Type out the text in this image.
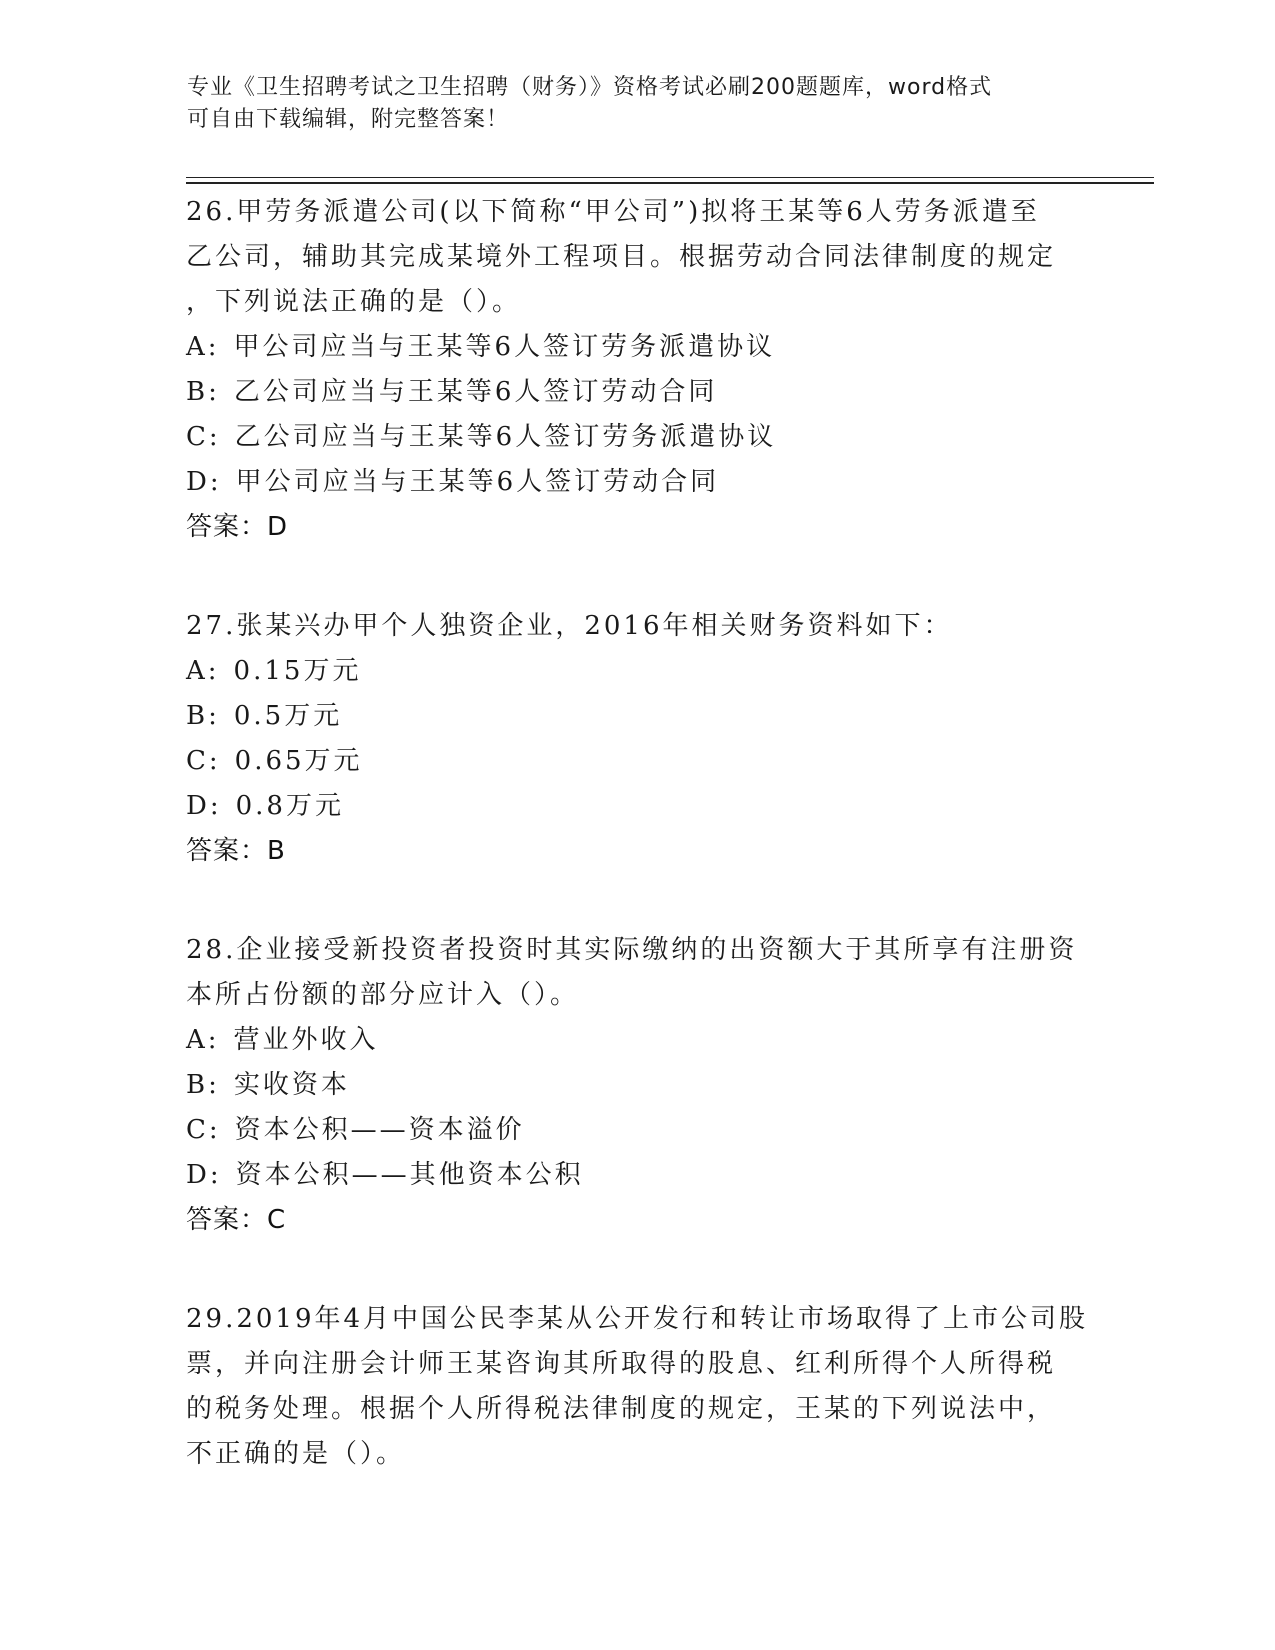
专业《卫生招聘考试之卫生招聘（财务）》资格考试必刷200题题库，word格式
可自由下载编辑，附完整答案！
26.甲劳务派遣公司(以下简称“甲公司”)拟将王某等6人劳务派遣至
乙公司，辅助其完成某境外工程项目。根据劳动合同法律制度的规定
，下列说法正确的是（）。
A: 甲公司应当与王某等6人签订劳务派遣协议
B: 乙公司应当与王某等6人签订劳动合同
C: 乙公司应当与王某等6人签订劳务派遣协议
D: 甲公司应当与王某等6人签订劳动合同
答案：D
27.张某兴办甲个人独资企业，2016年相关财务资料如下：
A: 0.15万元
B: 0.5万元
C: 0.65万元
D: 0.8万元
答案：B
28.企业接受新投资者投资时其实际缴纳的出资额大于其所享有注册资
本所占份额的部分应计入（）。
A: 营业外收入
B: 实收资本
C: 资本公积——资本溢价
D: 资本公积——其他资本公积
答案：C
29.2019年4月中国公民李某从公开发行和转让市场取得了上市公司股
票，并向注册会计师王某咨询其所取得的股息、红利所得个人所得税
的税务处理。根据个人所得税法律制度的规定，王某的下列说法中，
不正确的是（）。
